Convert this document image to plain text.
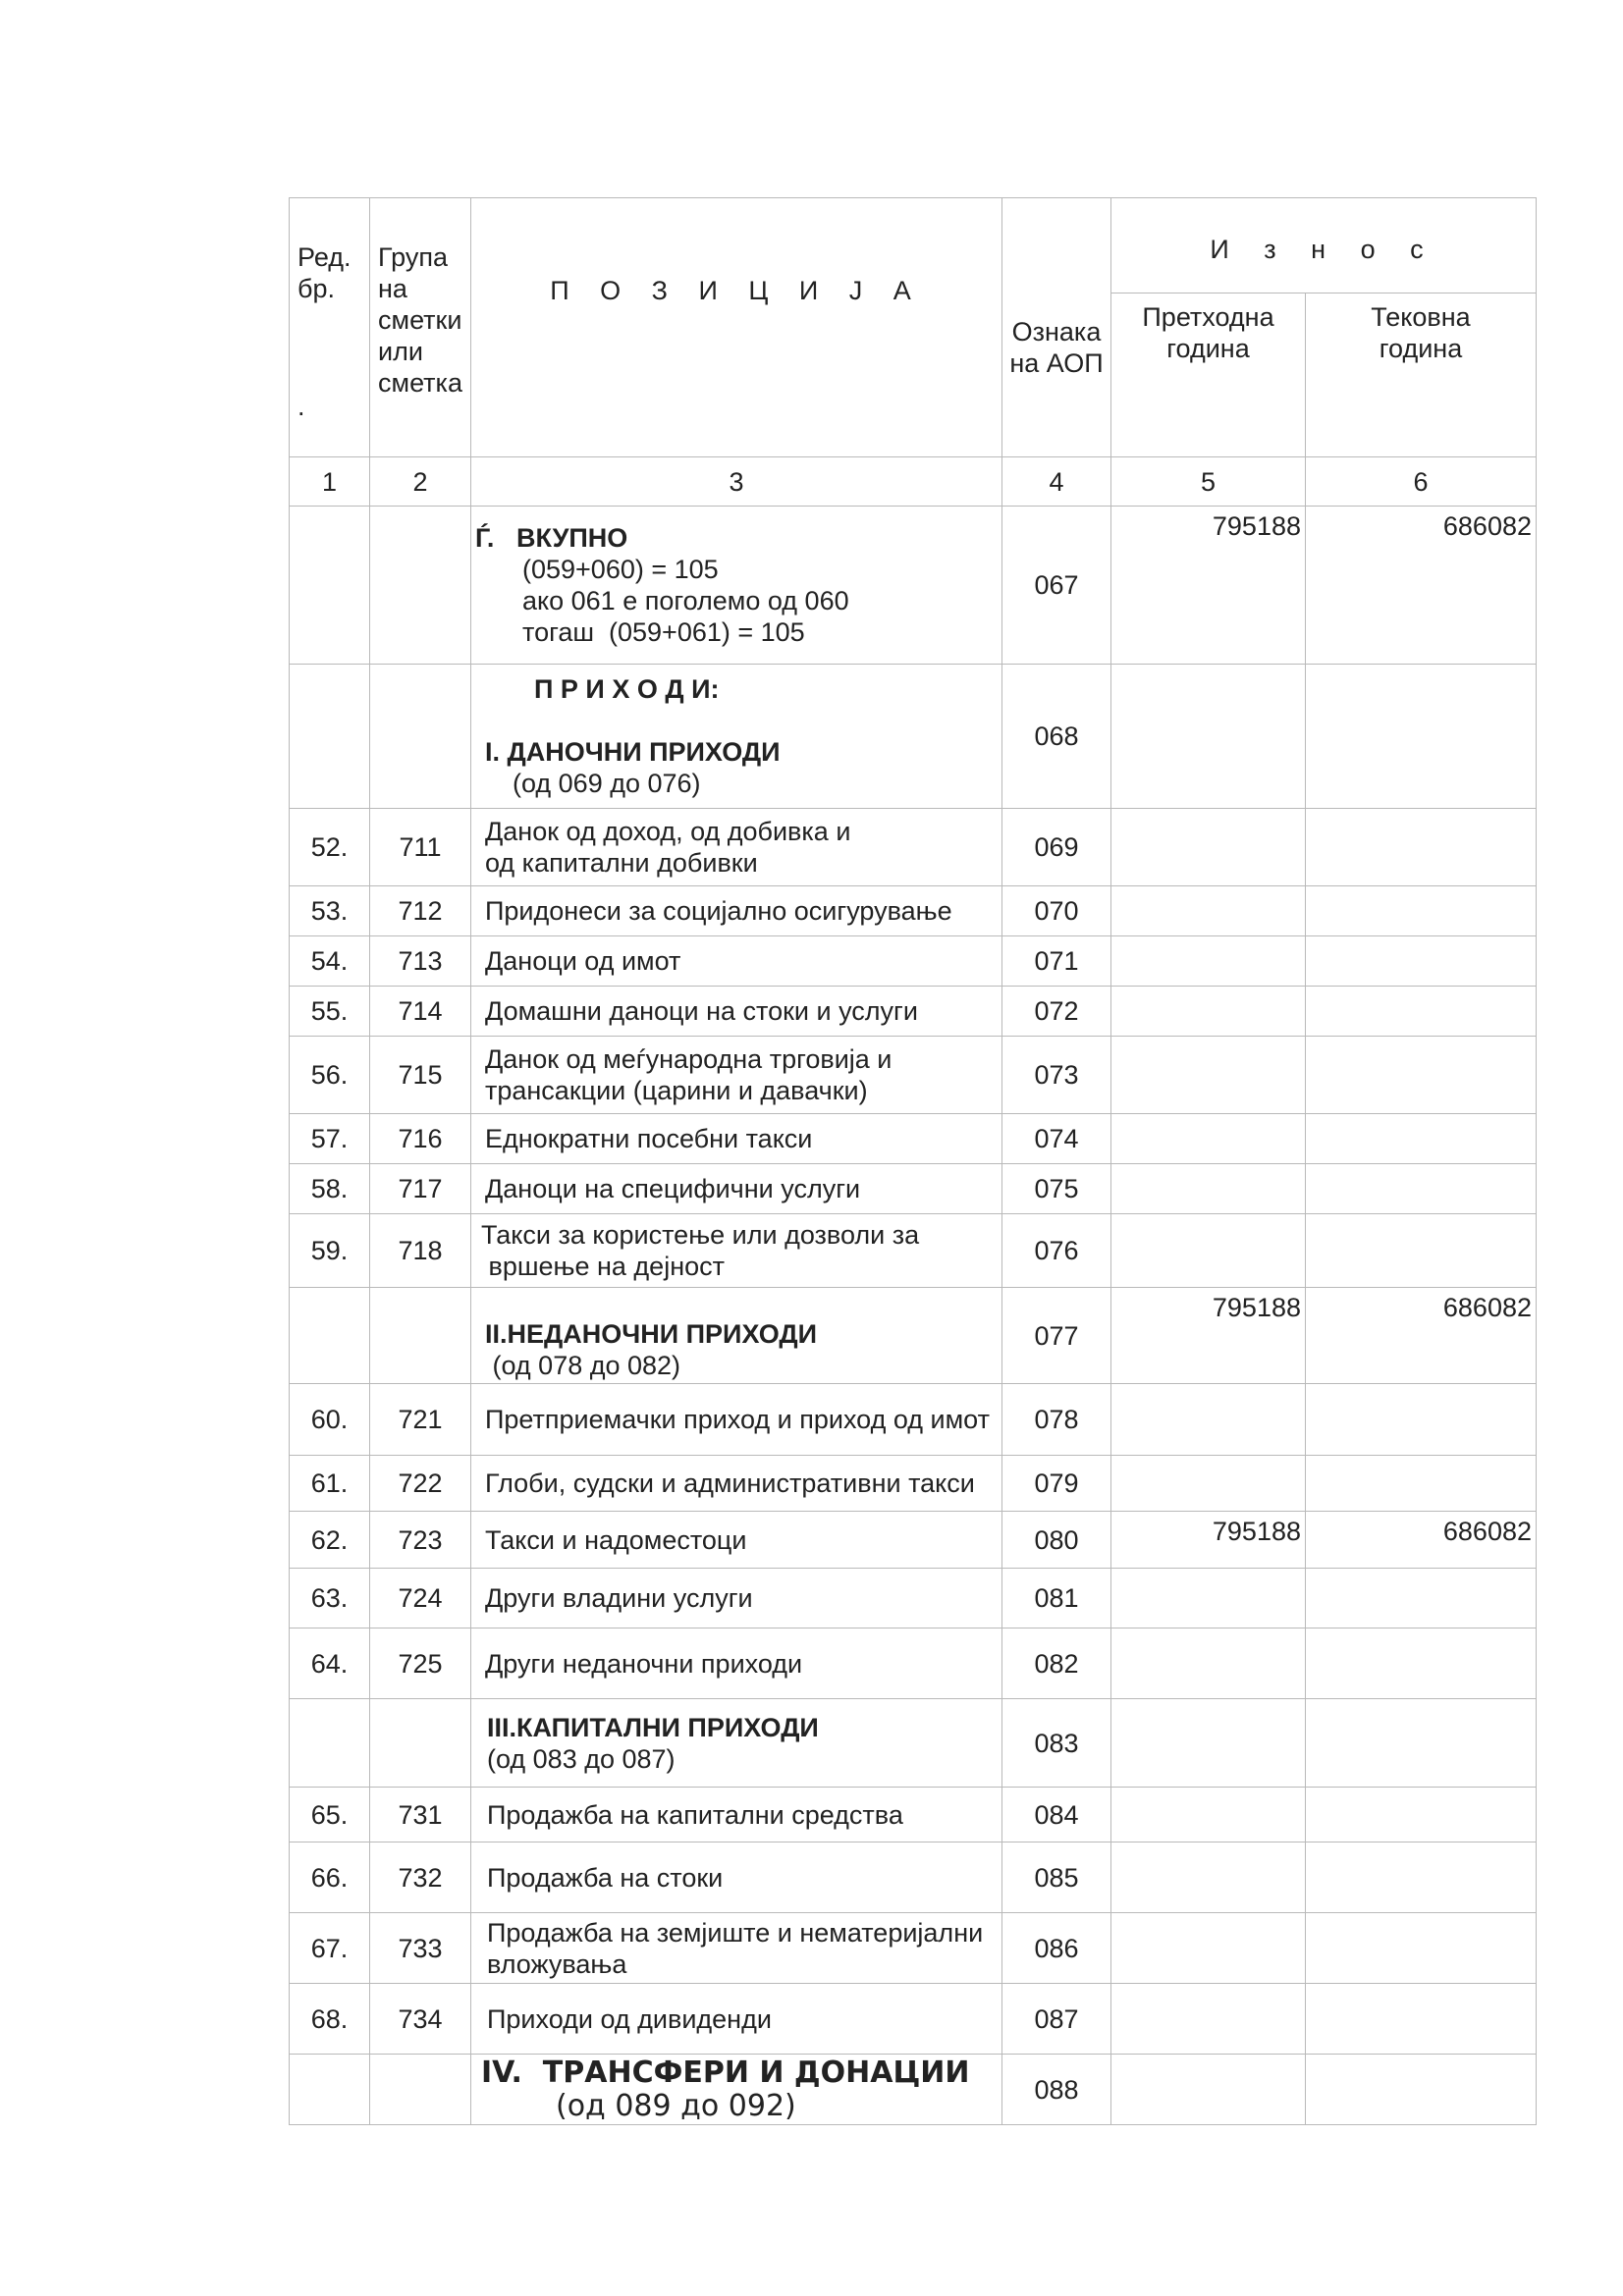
Ред. бр.
.	Група на сметки или сметка	П О З И Ц И Ј А	Ознака на АОП	И з н о с	
				Претходна година	Тековна година
1	2	3	4	5	6

		Ѓ. ВКУПНО
(059+060) = 105
ако 061 е поголемо од 060
тогаш  (059+061) = 105	067	795188	686082

		П Р И Х О Д И:

I. ДАНОЧНИ ПРИХОДИ
(од 069 до 076)	068		
52.	711	Данок од доход, од добивка и
од капитални добивки	069		
53.	712	Придонеси за социјално осигурување	070		
54.	713	Даноци од имот	071		
55.	714	Домашни даноци на стоки и услуги	072		
56.	715	Данок од меѓународна трговија и
трансакции (царини и давачки)	073		
57.	716	Еднократни посебни такси	074		
58.	717	Даноци на специфични услуги	075		
59.	718	Такси за користење или дозволи за
вршење на дејност	076		

		II.НЕДАНОЧНИ ПРИХОДИ
(од 078 до 082)	077	795188	686082
60.	721	Претприемачки приход и приход од имот	078		
61.	722	Глоби, судски и административни такси	079		
62.	723	Такси и надоместоци	080	795188	686082
63.	724	Други владини услуги	081		
64.	725	Други неданочни приходи	082		

		III.КАПИТАЛНИ ПРИХОДИ
(од 083 до 087)	083		
65.	731	Продажба на капитални средства	084		
66.	732	Продажба на стоки	085		
67.	733	Продажба на земјиште и нематеријални
вложувања	086		
68.	734	Приходи од дивиденди	087		

		IV.  ТРАНСФЕРИ И ДОНАЦИИ
(од 089 до 092)	088		
